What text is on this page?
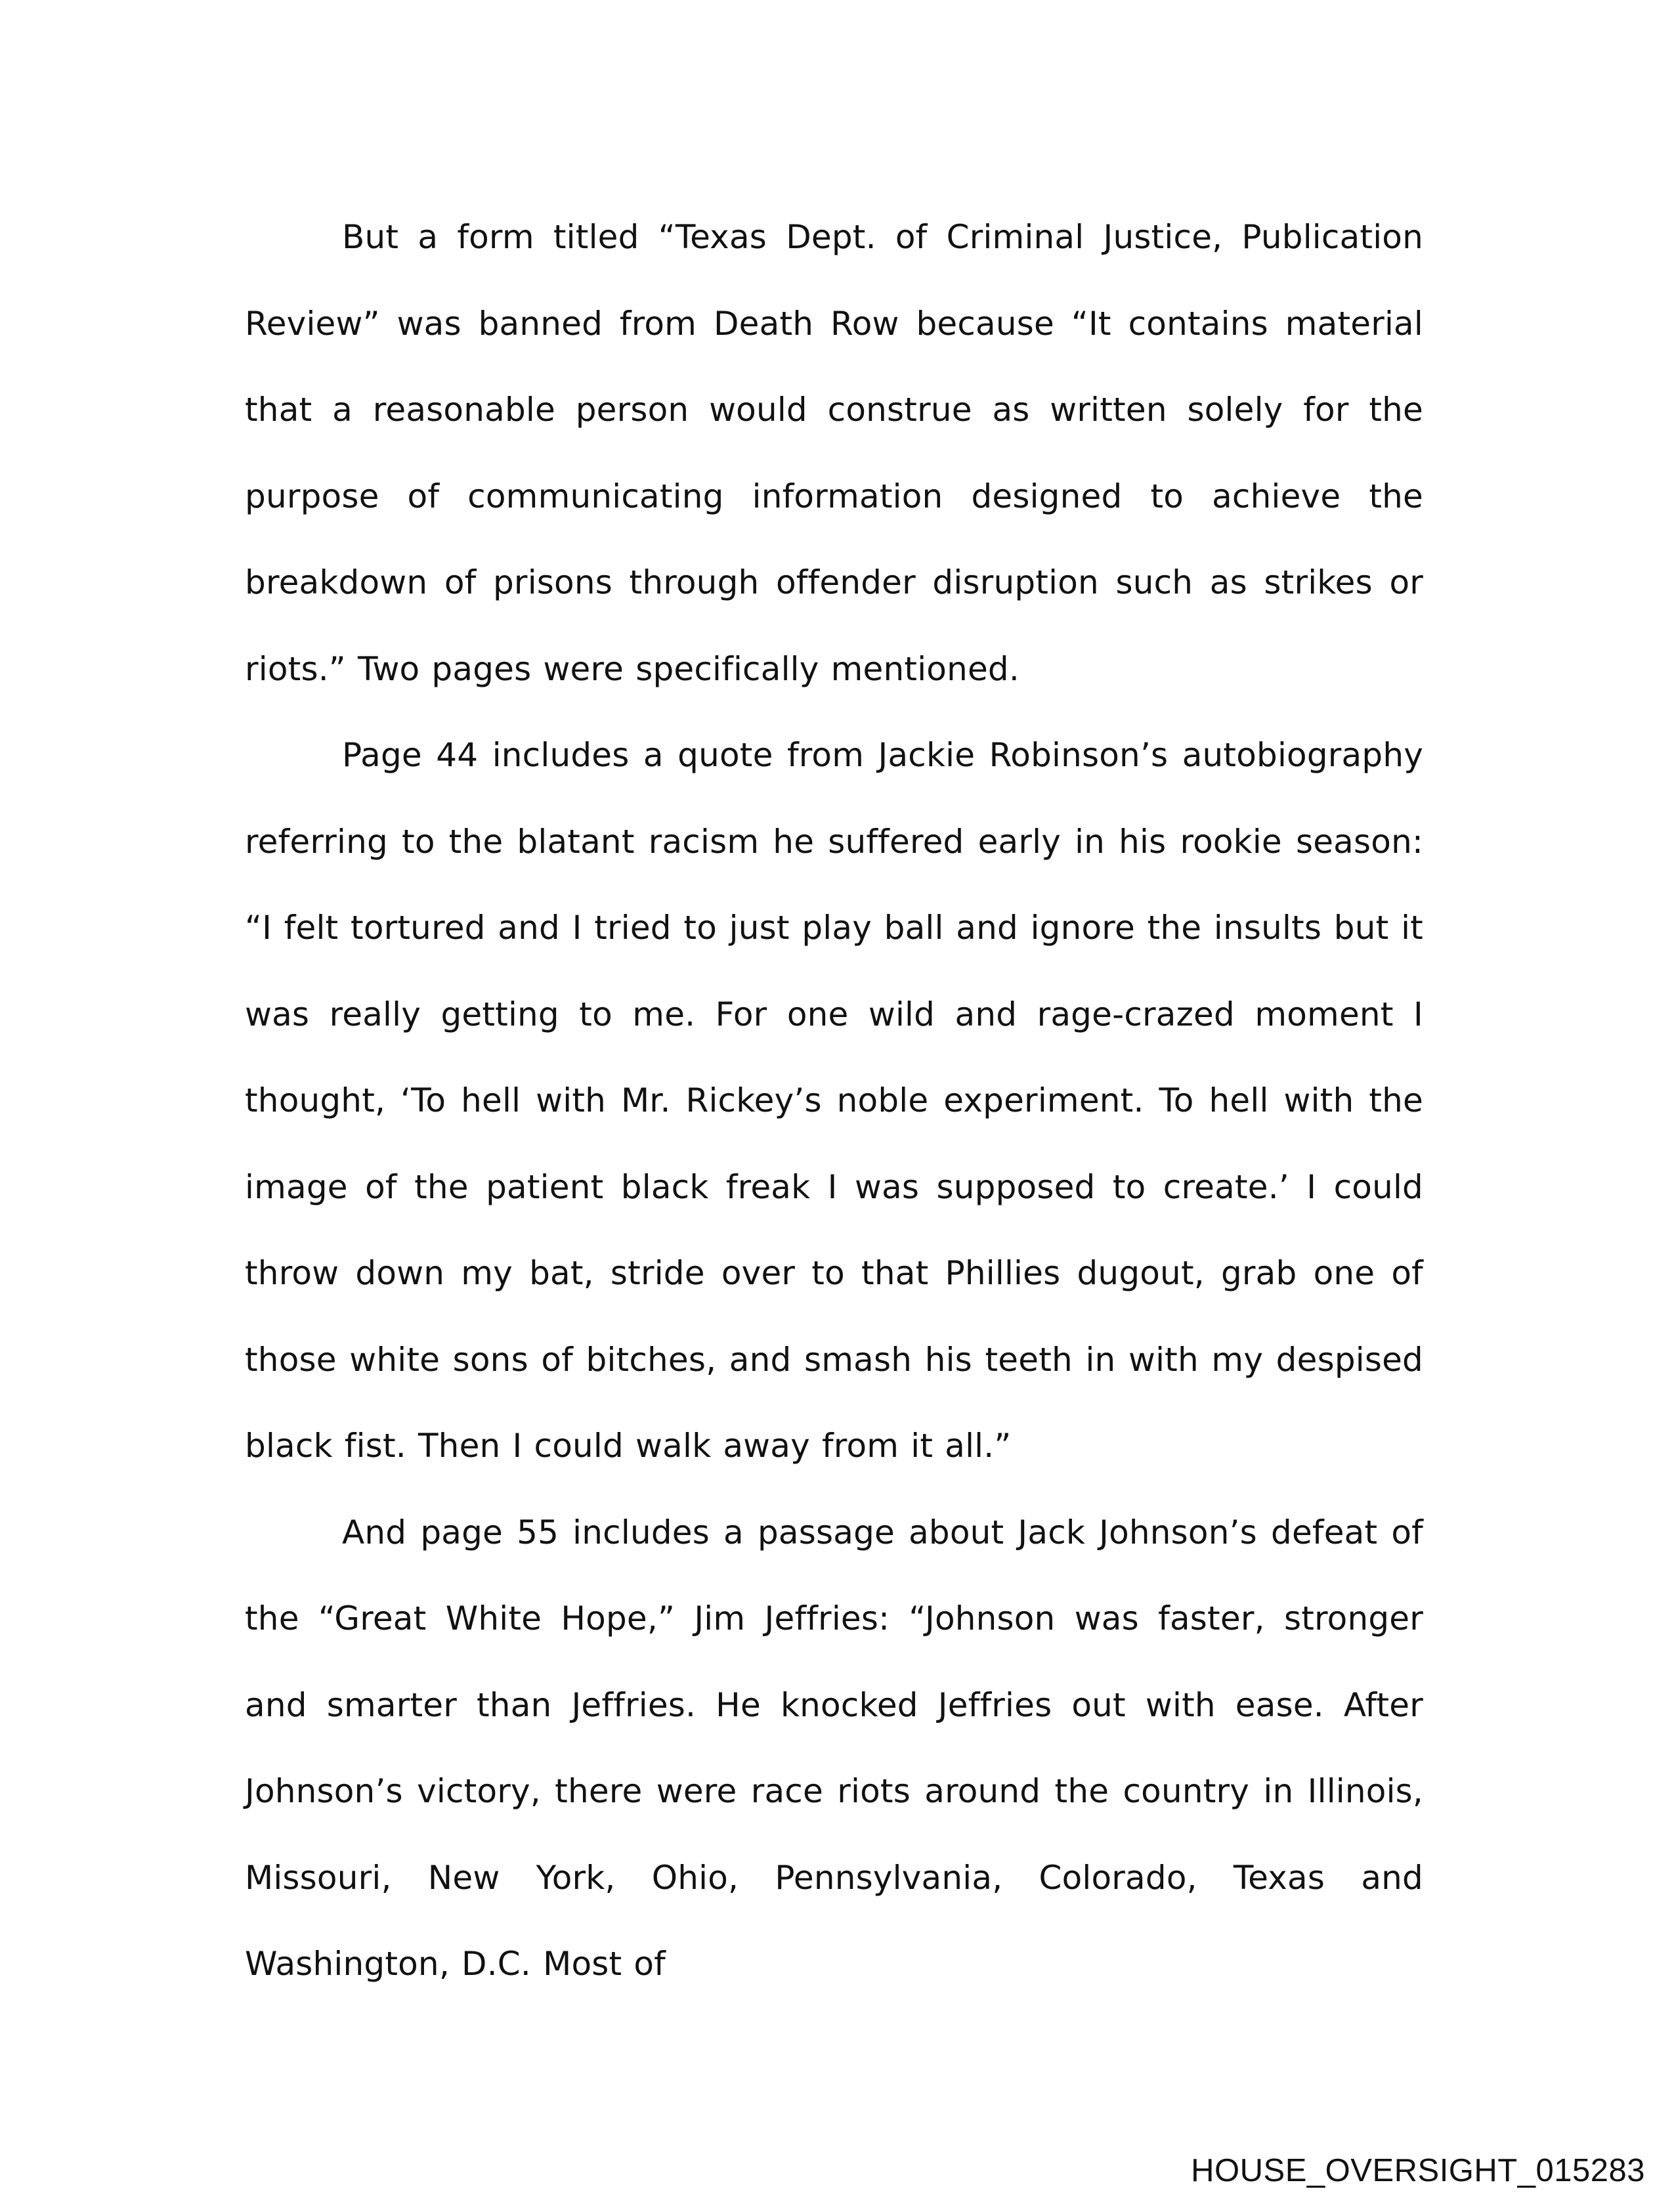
But a form titled “Texas Dept. of Criminal Justice, Publication Review” was banned from Death Row because “It contains material that a reasonable person would construe as written solely for the purpose of communicating information designed to achieve the breakdown of prisons through offender disruption such as strikes or riots.” Two pages were specifically mentioned.

Page 44 includes a quote from Jackie Robinson’s autobiography referring to the blatant racism he suffered early in his rookie season: “I felt tortured and I tried to just play ball and ignore the insults but it was really getting to me. For one wild and rage-crazed moment I thought, ‘To hell with Mr. Rickey’s noble experiment. To hell with the image of the patient black freak I was supposed to create.’ I could throw down my bat, stride over to that Phillies dugout, grab one of those white sons of bitches, and smash his teeth in with my despised black fist. Then I could walk away from it all.”

And page 55 includes a passage about Jack Johnson’s defeat of the “Great White Hope,” Jim Jeffries: “Johnson was faster, stronger and smarter than Jeffries. He knocked Jeffries out with ease. After Johnson’s victory, there were race riots around the country in Illinois, Missouri, New York, Ohio, Pennsylvania, Colorado, Texas and Washington, D.C. Most of

HOUSE_OVERSIGHT_015283
